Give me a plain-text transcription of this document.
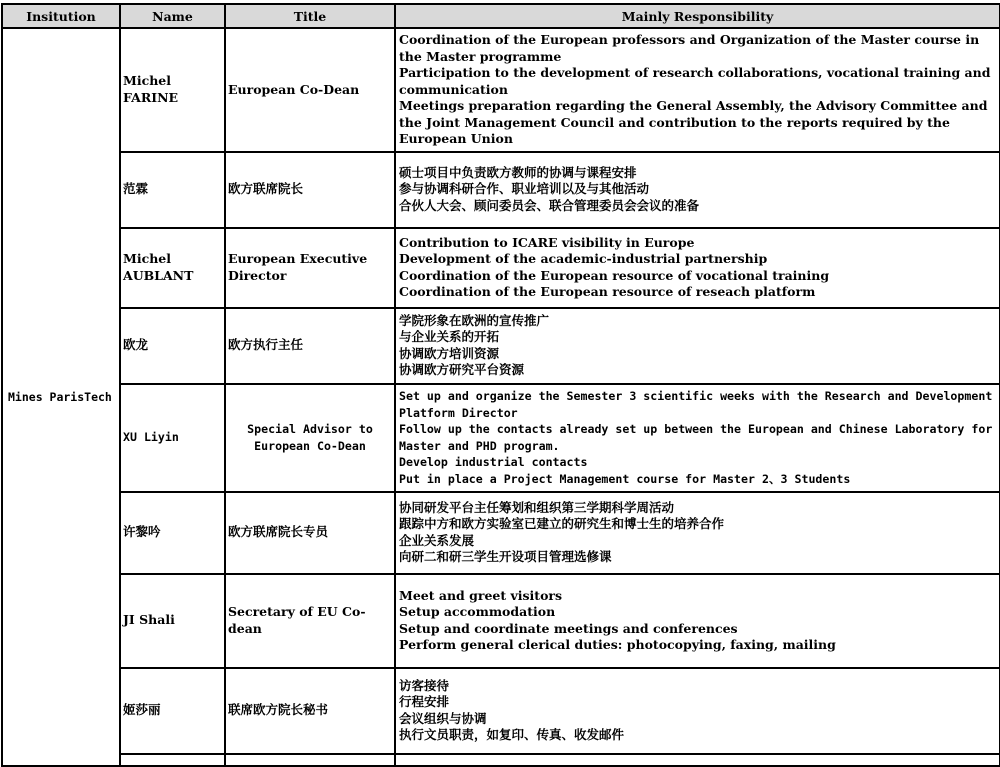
Insitution	Name	Title	Mainly Responsibility
Mines ParisTech	Michel FARINE	European Co-Dean	Coordination of the European professors and Organization of the Master course in the Master programme
Participation to the development of research collaborations, vocational training and communication
Meetings preparation regarding the General Assembly, the Advisory Committee and the Joint Management Council and contribution to the reports required by the European Union

	范霖	欧方联席院长	硕士项目中负责欧方教师的协调与课程安排
参与协调科研合作、职业培训以及与其他活动
合伙人大会、顾问委员会、联合管理委员会会议的准备

	Michel AUBLANT	European Executive Director	Contribution to ICARE visibility in Europe
Development of the academic-industrial partnership
Coordination of the European resource of vocational training
Coordination of the European resource of reseach platform

	欧龙	欧方执行主任	学院形象在欧洲的宣传推广
与企业关系的开拓
协调欧方培训资源
协调欧方研究平台资源

	XU Liyin	Special Advisor to European Co-Dean	Set up and organize the Semester 3 scientific weeks with the Research and Development Platform Director
Follow up the contacts already set up between the European and Chinese Laboratory for Master and PHD program.
Develop industrial contacts
Put in place a Project Management course for Master 2、3 Students

	许黎吟	欧方联席院长专员	协同研发平台主任筹划和组织第三学期科学周活动
跟踪中方和欧方实验室已建立的研究生和博士生的培养合作
企业关系发展
向研二和研三学生开设项目管理选修课

	JI Shali	Secretary of EU Co-dean	Meet and greet visitors
Setup accommodation
Setup and coordinate meetings and conferences
Perform general clerical duties: photocopying, faxing, mailing

	姬莎丽	联席欧方院长秘书	访客接待
行程安排
会议组织与协调
执行文员职责，如复印、传真、收发邮件
